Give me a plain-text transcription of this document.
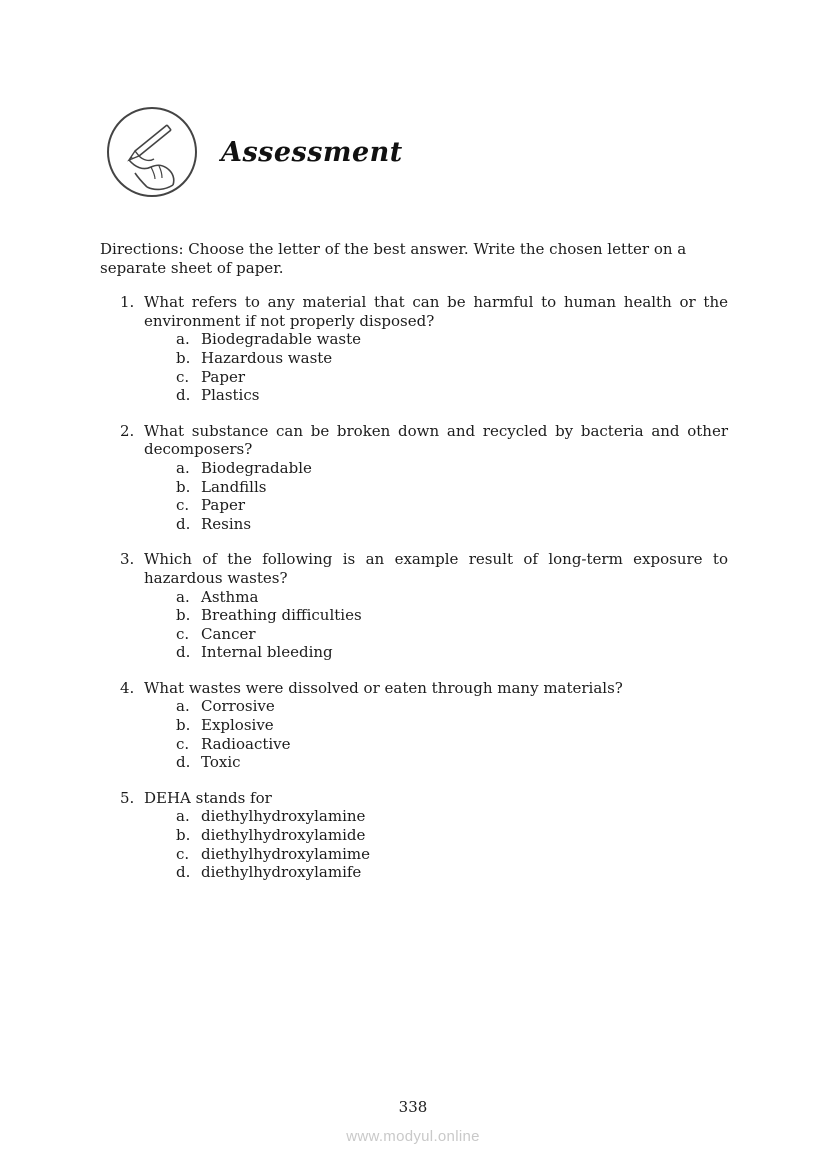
Assessment
Directions: Choose the letter of the best answer. Write the chosen letter on a separate sheet of paper.
1. What refers to any material that can be harmful to human health or the environment if not properly disposed?
a. Biodegradable waste
b. Hazardous waste
c. Paper
d. Plastics
2. What substance can be broken down and recycled by bacteria and other decomposers?
a. Biodegradable
b. Landfills
c. Paper
d. Resins
3. Which of the following is an example result of long-term exposure to hazardous wastes?
a. Asthma
b. Breathing difficulties
c. Cancer
d. Internal bleeding
4. What wastes were dissolved or eaten through many materials?
a. Corrosive
b. Explosive
c. Radioactive
d. Toxic
5. DEHA stands for
a. diethylhydroxylamine
b. diethylhydroxylamide
c. diethylhydroxylamime
d. diethylhydroxylamife
338
www.modyul.online
